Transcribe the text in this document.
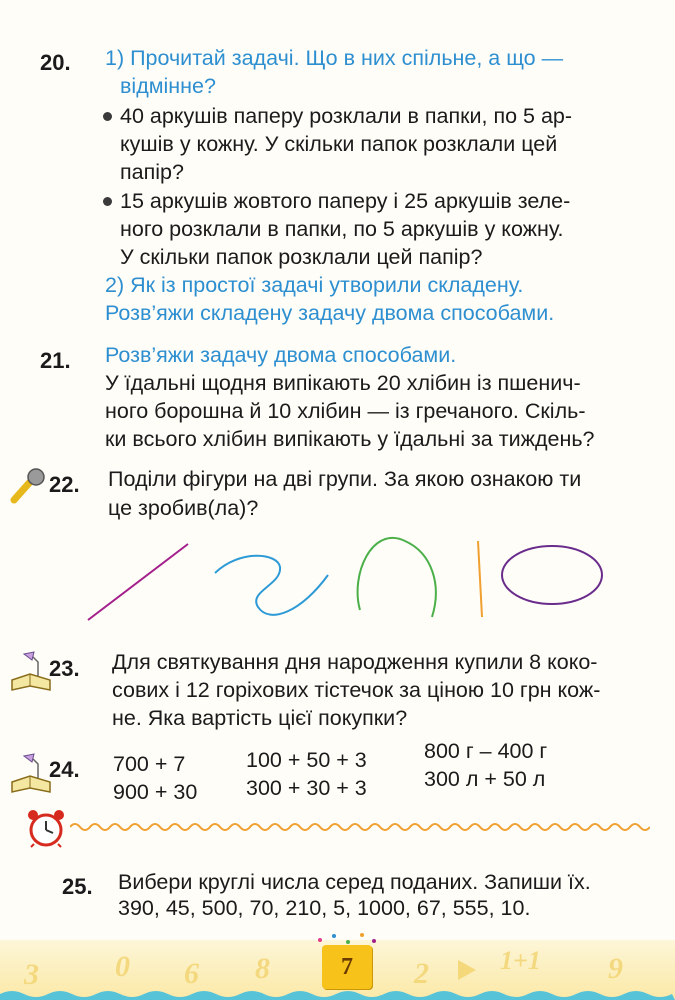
20. 1) Прочитай задачі. Що в них спільне, а що —
відмінне?
40 аркушів паперу розклали в папки, по 5 ар-
кушів у кожну. У скільки папок розклали цей
папір?
15 аркушів жовтого паперу і 25 аркушів зеле-
ного розклали в папки, по 5 аркушів у кожну.
У скільки папок розклали цей папір?
2) Як із простої задачі утворили складену.
Розв’яжи складену задачу двома способами.
21. Розв’яжи задачу двома способами.
У їдальні щодня випікають 20 хлібин із пшенич-
ного борошна й 10 хлібин — із гречаного. Скіль-
ки всього хлібин випікають у їдальні за тиждень?
22. Поділи фігури на дві групи. За якою ознакою ти
це зробив(ла)?
23. Для святкування дня народження купили 8 коко-
сових і 12 горіхових тістечок за ціною 10 грн кож-
не. Яка вартість цієї покупки?
24. 700 + 7
900 + 30
100 + 50 + 3
300 + 30 + 3
800 г – 400 г
300 л + 50 л
25. Вибери круглі числа серед поданих. Запиши їх.
390, 45, 500, 70, 210, 5, 1000, 67, 555, 10.
3	0 6 8	2	1+1 9
7
